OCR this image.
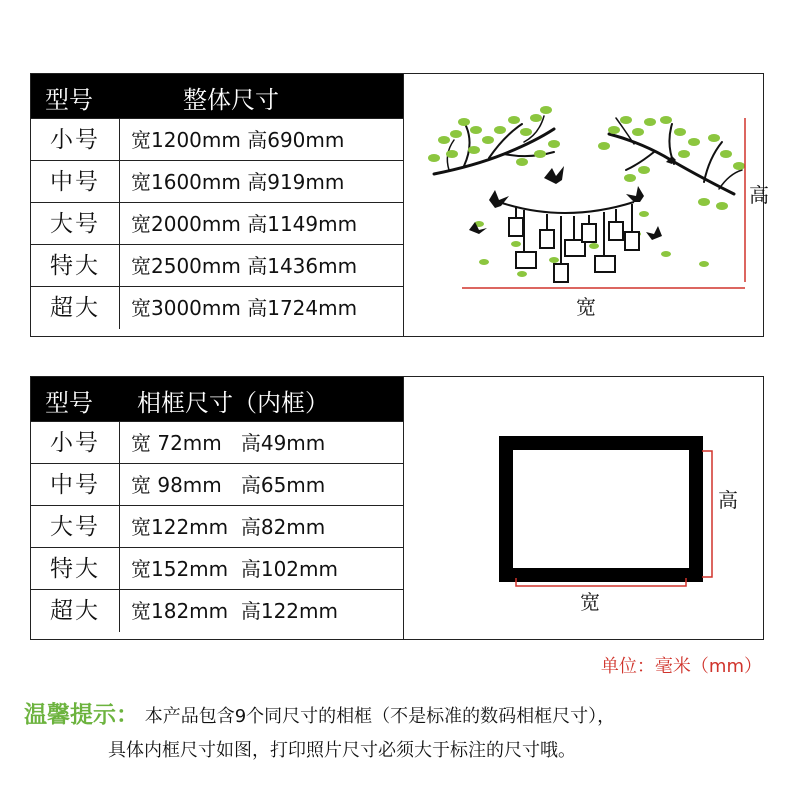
型号	整体尺寸
小号	宽1200mm 高690mm
中号	宽1600mm 高919mm
大号	宽2000mm 高1149mm
特大	宽2500mm 高1436mm
超大	宽3000mm 高1724mm
高
宽
型号 相框尺寸（内框）
小号	宽 72mm   高49mm
中号	宽 98mm   高65mm
大号	宽122mm  高82mm
特大	宽152mm  高102mm
超大	宽182mm  高122mm
高
宽
单位：毫米（mm）
温馨提示： 本产品包含9个同尺寸的相框（不是标准的数码相框尺寸），
具体内框尺寸如图，打印照片尺寸必须大于标注的尺寸哦。
